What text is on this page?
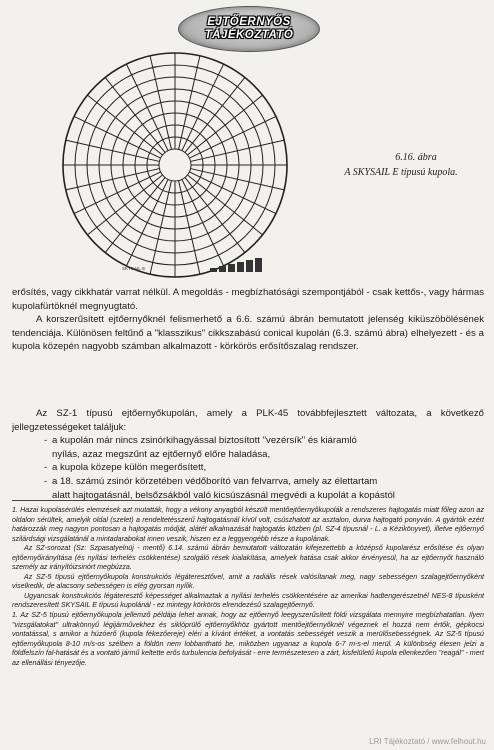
EJTŐERNYŐS
TÁJÉKOZTATÓ
SKYSAIL·E
6.16. ábra
A SKYSAIL E típusú kupola.
erősítés, vagy cikkhatár varrat nélkül. A megoldás - megbízhatósági szempontjából - csak kettős-, vagy hármas kupolafürtöknél megnyugtató.
A korszerűsített ejtőernyőknél felismerhető a 6.6. számú ábrán bemutatott jelenség kiküszöbölésének tendenciája. Különösen feltűnő a "klasszikus" cikkszabású conical kupolán (6.3. számú ábra) elhelyezett - és a kupola közepén nagyobb számban alkalmazott - körkörös erősítőszalag rendszer.
Az SZ-1 típusú ejtőernyőkupolán, amely a PLK-45 továbbfejlesztett változata, a következő jellegzetességeket találjuk:
- a kupolán már nincs zsinórkihagyással biztosított "vezérsík" és kiáramló
nyílás, azaz megszűnt az ejtőernyő előre haladása,
- a kupola közepe külön megerősített,
- a 18. számú zsinór körzetében védőborító van felvarrva, amely az élettartam
alatt hajtogatásnál, belsőzsákból való kicsúszásnál megvédi a kupolát a kopástól

1. Hazai kupolasérülés elemzések azt mutatták, hogy a vékony anyagból készült mentőejtőernyőkupolák a rendszeres hajtogatás miatt főleg azon az oldalon sérültek, amelyik oldal (szelet) a rendeltetésszerű hajtogatásnál kívül volt, csúszhatott az asztalon, durva hajtogató ponyván. A gyártók ezért határozzák meg nagyon pontosan a hajtogatás módját, alátét alkalmazását hajtogatás közben (pl. SZ-4 típusnál - L. a Kézikönyvet), illetve ejtőernyő szilárdsági vizsgálatánál a mintadarabokat innen veszik, hiszen ez a leggyengébb része a kupolának.

Az SZ-sorozat (Sz: Szpasatyelnüj - mentő) 6.14. számú ábrán bemutatott változatán kifejezettebb a középső kupolarész erősítése és olyan ejtőernyőirányítása (és nyílási terhelés csökkentése) szolgáló rések kialakítása, amelyek hatása csak akkor érvényesül, ha az ejtőernyőt használó személy az irányítóizsinórt megbúzza.

Az SZ-5 típusú ejtőernyőkupola konstrukciós légáteresztővel, amit a radiális rések valósítanak meg, nagy sebességen szalagejtőernyőként viselkedik, de alacsony sebességen is elég gyorsan nyílik.

Ugyancsak konstrukciós légáteresztő képességet alkalmaztak a nyílási terhelés csökkentésére az amerikai hadtengerészetnél NES-8 típusként rendszeresített SKYSAIL E típusú kupolánál - ez mintegy körkörös elrendezésű szalagejtőernyő.

1. Az SZ-5 típusú ejtőernyőkupola jellemző példája lehet annak, hogy az ejtőernyő leegyszerűsített földi vizsgálata mennyire megbízhatatlan. Ilyen "vizsgálatokat" ultrakönnyű légijárművekhez és siklóprülő ejtőernyőkhöz gyártott mentőejtőernyőknél végeznek el hozzá nem értők, gépkocsi vontatással, s amikor a húzóerő (kupola fékezőereje) eléri a kívánt értéket, a vontatás sebességét veszik a merülősebességnek. Az SZ-5 típusú ejtőernyőkupola 8-10 m/s-os szélben a földön nem lobbantható be, miközben ugyanaz a kupola 6-7 m-s-el merül. A különbség élesen jelzi a földfelszín fal-hatását és a vontató jármű keltette erős turbulencia befolyását - erre természetesen a zárt, kisfelületű kupola ellenkezően "reagál" - mert az ellenállási tényezője.

LRI Tájékoztató / www.felhout.hu
